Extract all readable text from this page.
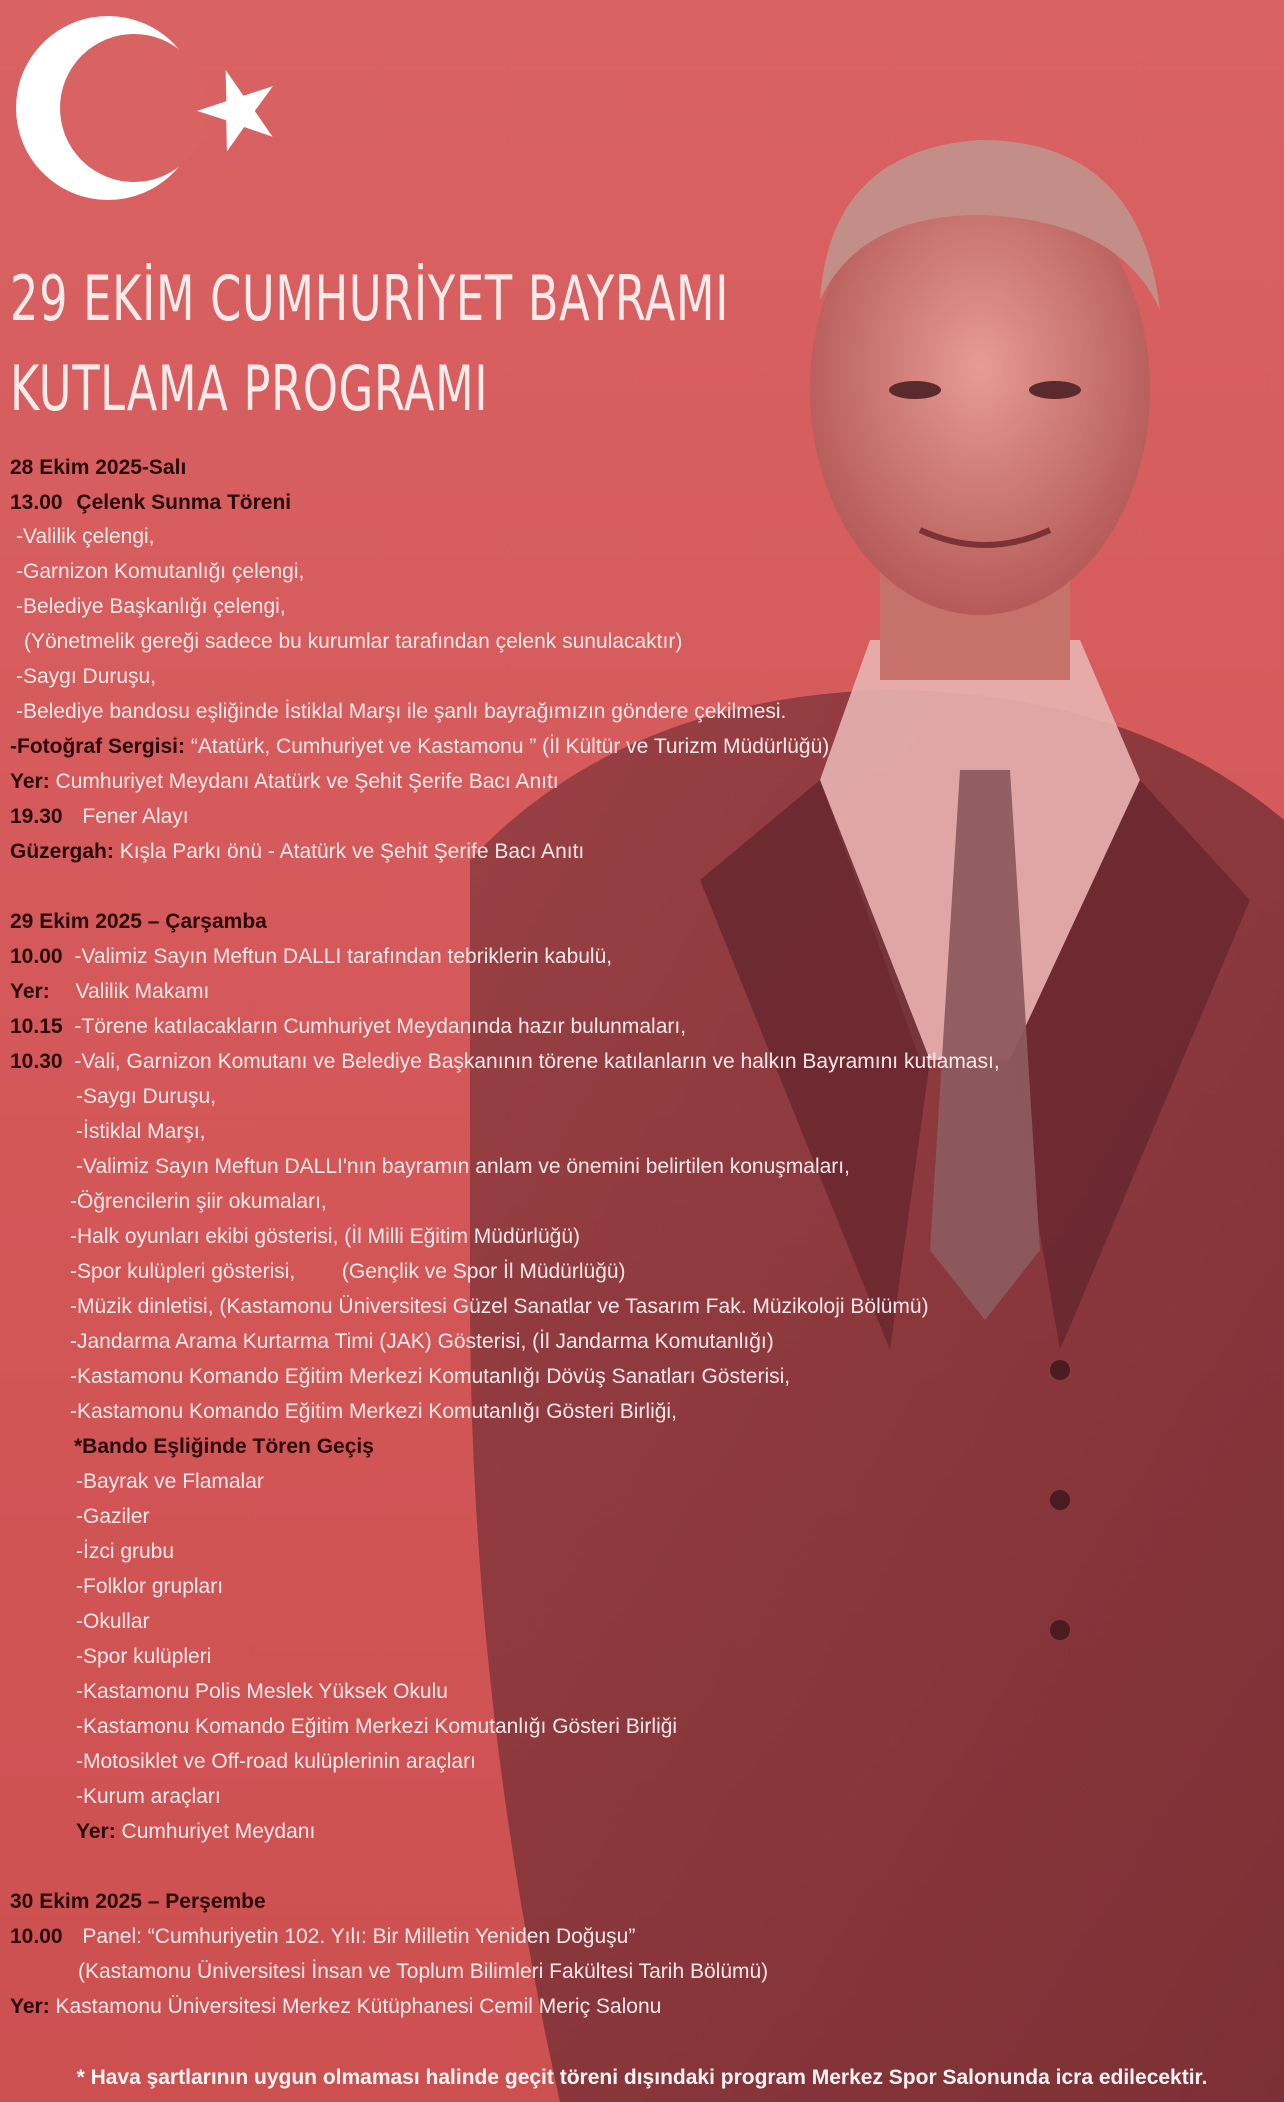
29 EKİM CUMHURİYET BAYRAMI
KUTLAMA PROGRAMI
28 Ekim 2025-Salı
13.00 Çelenk Sunma Töreni
-Valilik çelengi,
-Garnizon Komutanlığı çelengi,
-Belediye Başkanlığı çelengi,
(Yönetmelik gereği sadece bu kurumlar tarafından çelenk sunulacaktır)
-Saygı Duruşu,
-Belediye bandosu eşliğinde İstiklal Marşı ile şanlı bayrağımızın göndere çekilmesi.
-Fotoğraf Sergisi: “Atatürk, Cumhuriyet ve Kastamonu ” (İl Kültür ve Turizm Müdürlüğü)
Yer: Cumhuriyet Meydanı Atatürk ve Şehit Şerife Bacı Anıtı
19.30 Fener Alayı
Güzergah: Kışla Parkı önü - Atatürk ve Şehit Şerife Bacı Anıtı
29 Ekim 2025 – Çarşamba
10.00 -Valimiz Sayın Meftun DALLI tarafından tebriklerin kabulü,
Yer: Valilik Makamı
10.15 -Törene katılacakların Cumhuriyet Meydanında hazır bulunmaları,
10.30 -Vali, Garnizon Komutanı ve Belediye Başkanının törene katılanların ve halkın Bayramını kutlaması,
-Saygı Duruşu,
-İstiklal Marşı,
-Valimiz Sayın Meftun DALLI'nın bayramın anlam ve önemini belirtilen konuşmaları,
-Öğrencilerin şiir okumaları,
-Halk oyunları ekibi gösterisi, (İl Milli Eğitim Müdürlüğü)
-Spor kulüpleri gösterisi,        (Gençlik ve Spor İl Müdürlüğü)
-Müzik dinletisi, (Kastamonu Üniversitesi Güzel Sanatlar ve Tasarım Fak. Müzikoloji Bölümü)
-Jandarma Arama Kurtarma Timi (JAK) Gösterisi, (İl Jandarma Komutanlığı)
-Kastamonu Komando Eğitim Merkezi Komutanlığı Dövüş Sanatları Gösterisi,
-Kastamonu Komando Eğitim Merkezi Komutanlığı Gösteri Birliği,
*Bando Eşliğinde Tören Geçiş
-Bayrak ve Flamalar
-Gaziler
-İzci grubu
-Folklor grupları
-Okullar
-Spor kulüpleri
-Kastamonu Polis Meslek Yüksek Okulu
-Kastamonu Komando Eğitim Merkezi Komutanlığı Gösteri Birliği
-Motosiklet ve Off-road kulüplerinin araçları
-Kurum araçları
Yer: Cumhuriyet Meydanı
30 Ekim 2025 – Perşembe
10.00 Panel: “Cumhuriyetin 102. Yılı: Bir Milletin Yeniden Doğuşu”
(Kastamonu Üniversitesi İnsan ve Toplum Bilimleri Fakültesi Tarih Bölümü)
Yer: Kastamonu Üniversitesi Merkez Kütüphanesi Cemil Meriç Salonu
* Hava şartlarının uygun olmaması halinde geçit töreni dışındaki program Merkez Spor Salonunda icra edilecektir.
